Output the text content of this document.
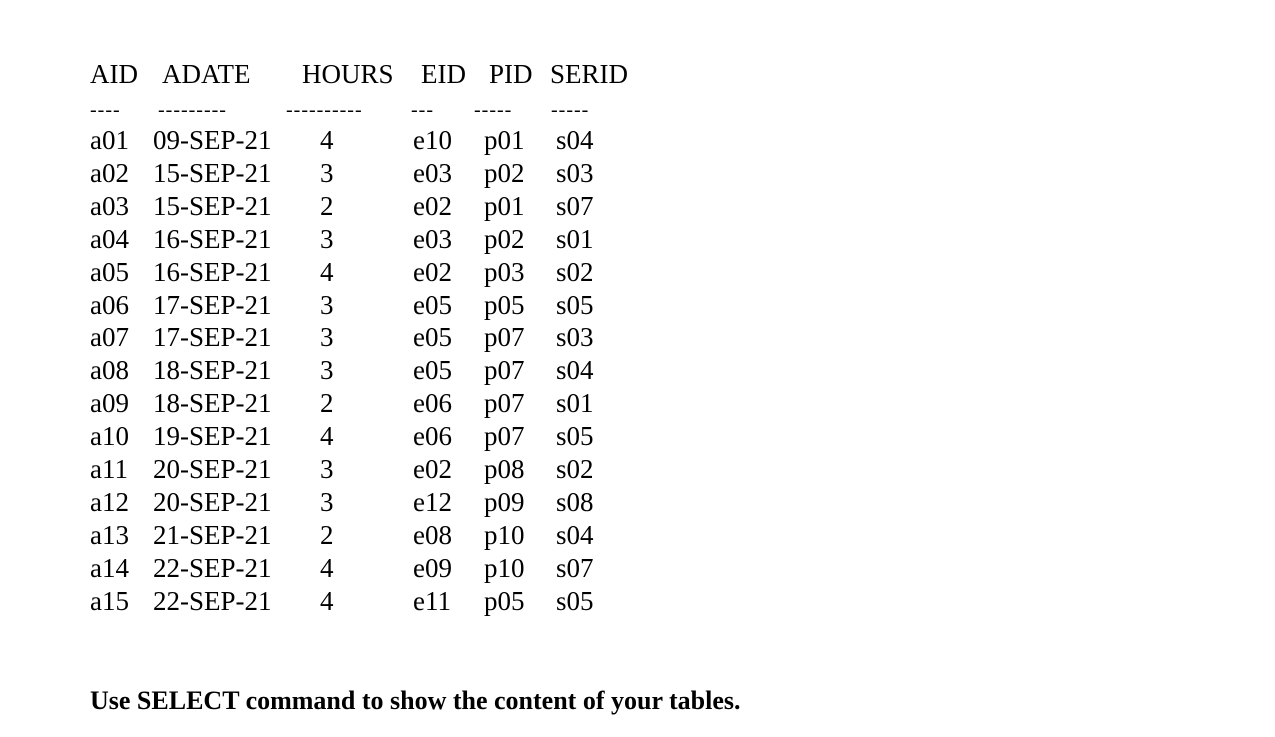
AID ADATE HOURS EID PID SERID
---- ---------	---------- --- ----- -----
a01 09-SEP-21 4	e10 p01 s04
a02 15-SEP-21 3	e03 p02 s03
a03 15-SEP-21 2	e02 p01 s07
a04 16-SEP-21 3	e03 p02 s01
a05 16-SEP-21 4	e02 p03 s02
a06 17-SEP-21 3	e05 p05 s05
a07 17-SEP-21 3	e05 p07 s03
a08 18-SEP-21 3	e05 p07 s04
a09 18-SEP-21 2	e06 p07 s01
a10 19-SEP-21 4	e06 p07 s05
a11 20-SEP-21 3	e02 p08 s02
a12 20-SEP-21 3	e12 p09 s08
a13 21-SEP-21 2	e08 p10 s04
a14 22-SEP-21 4	e09 p10 s07
a15 22-SEP-21 4	e11 p05 s05
Use SELECT command to show the content of your tables.
